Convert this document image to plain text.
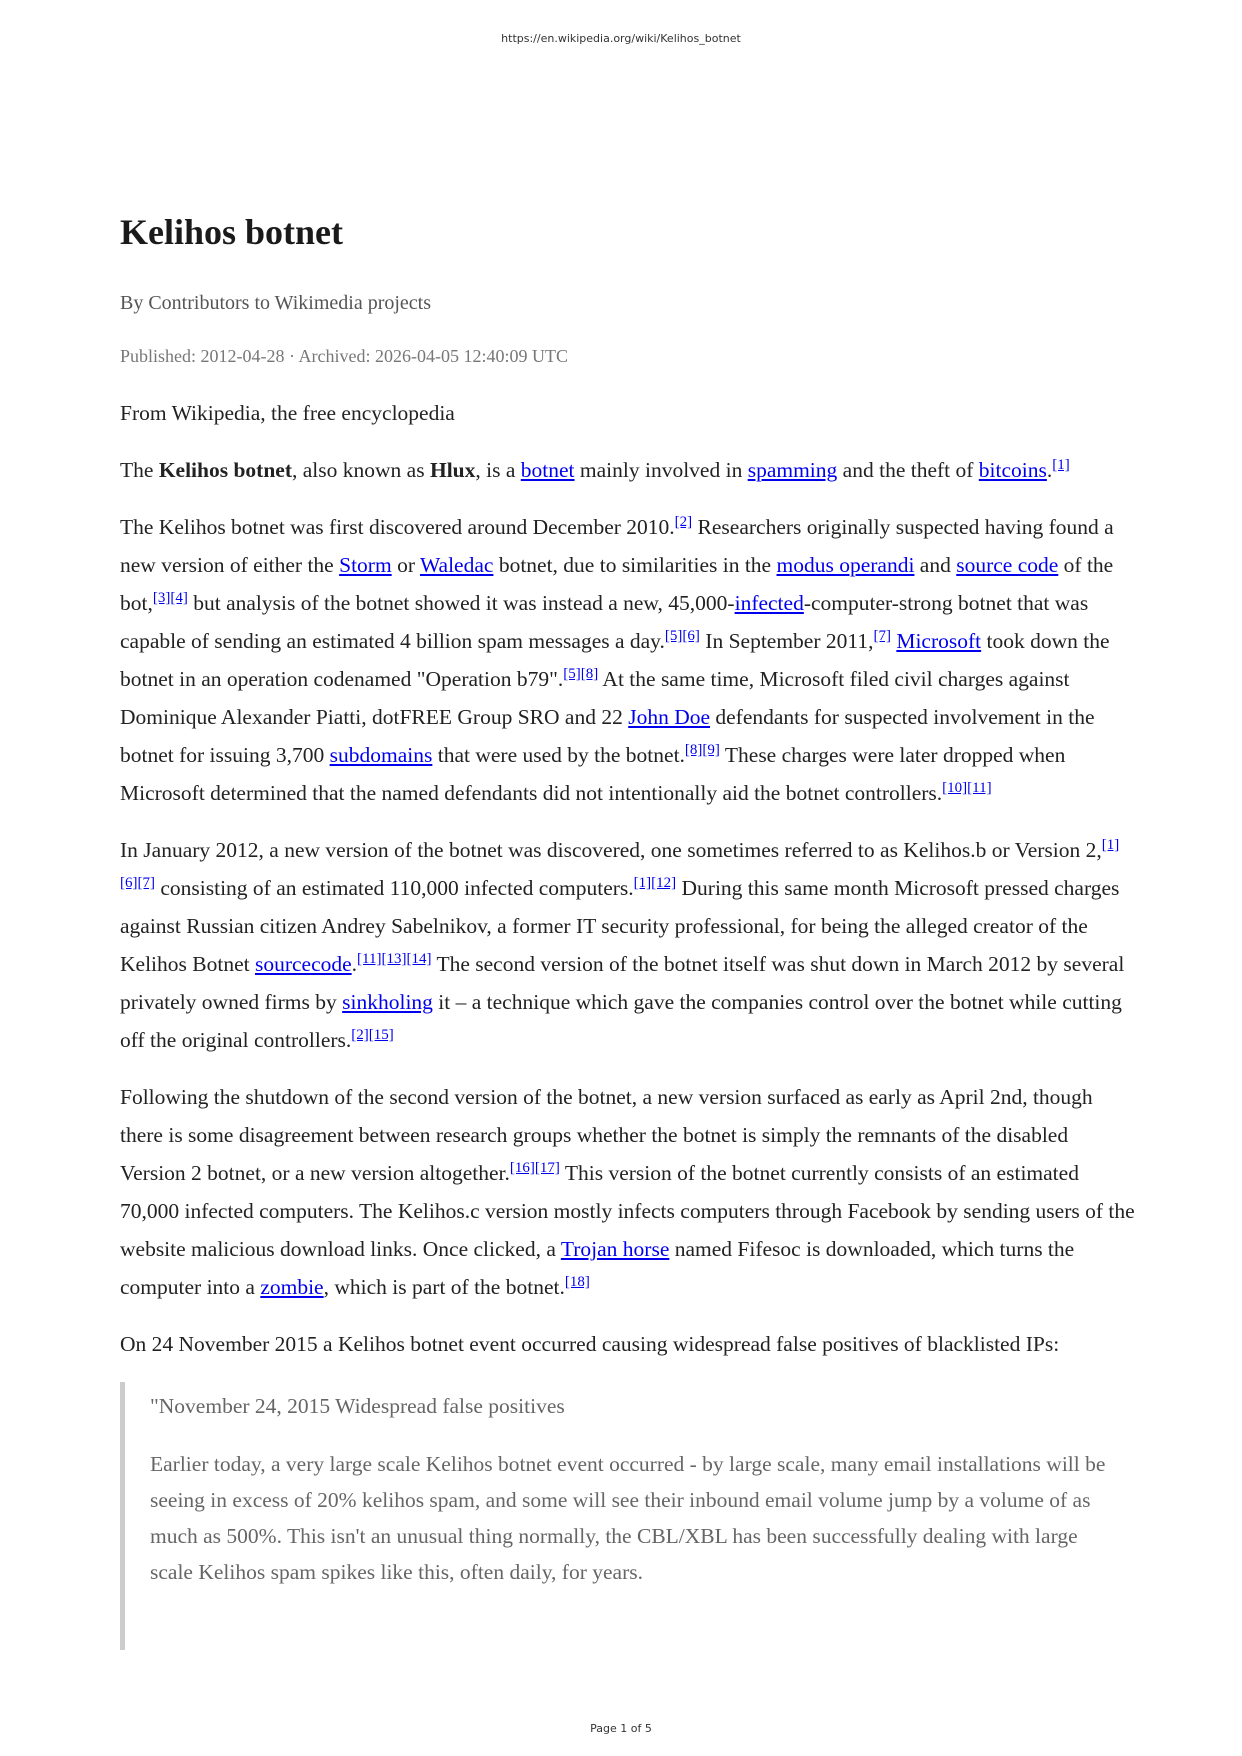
https://en.wikipedia.org/wiki/Kelihos_botnet
Kelihos botnet
By Contributors to Wikimedia projects
Published: 2012-04-28 · Archived: 2026-04-05 12:40:09 UTC

From Wikipedia, the free encyclopedia

The Kelihos botnet, also known as Hlux, is a botnet mainly involved in spamming and the theft of bitcoins.[1]

The Kelihos botnet was first discovered around December 2010.[2] Researchers originally suspected having found a new version of either the Storm or Waledac botnet, due to similarities in the modus operandi and source code of the bot,[3][4] but analysis of the botnet showed it was instead a new, 45,000-infected-computer-strong botnet that was capable of sending an estimated 4 billion spam messages a day.[5][6] In September 2011,[7] Microsoft took down the botnet in an operation codenamed "Operation b79".[5][8] At the same time, Microsoft filed civil charges against Dominique Alexander Piatti, dotFREE Group SRO and 22 John Doe defendants for suspected involvement in the botnet for issuing 3,700 subdomains that were used by the botnet.[8][9] These charges were later dropped when Microsoft determined that the named defendants did not intentionally aid the botnet controllers.[10][11]

In January 2012, a new version of the botnet was discovered, one sometimes referred to as Kelihos.b or Version 2,[1][6][7] consisting of an estimated 110,000 infected computers.[1][12] During this same month Microsoft pressed charges against Russian citizen Andrey Sabelnikov, a former IT security professional, for being the alleged creator of the Kelihos Botnet sourcecode.[11][13][14] The second version of the botnet itself was shut down in March 2012 by several privately owned firms by sinkholing it – a technique which gave the companies control over the botnet while cutting off the original controllers.[2][15]

Following the shutdown of the second version of the botnet, a new version surfaced as early as April 2nd, though there is some disagreement between research groups whether the botnet is simply the remnants of the disabled Version 2 botnet, or a new version altogether.[16][17] This version of the botnet currently consists of an estimated 70,000 infected computers. The Kelihos.c version mostly infects computers through Facebook by sending users of the website malicious download links. Once clicked, a Trojan horse named Fifesoc is downloaded, which turns the computer into a zombie, which is part of the botnet.[18]

On 24 November 2015 a Kelihos botnet event occurred causing widespread false positives of blacklisted IPs:

"November 24, 2015 Widespread false positives

Earlier today, a very large scale Kelihos botnet event occurred - by large scale, many email installations will be seeing in excess of 20% kelihos spam, and some will see their inbound email volume jump by a volume of as much as 500%. This isn't an unusual thing normally, the CBL/XBL has been successfully dealing with large scale Kelihos spam spikes like this, often daily, for years.

Page 1 of 5
